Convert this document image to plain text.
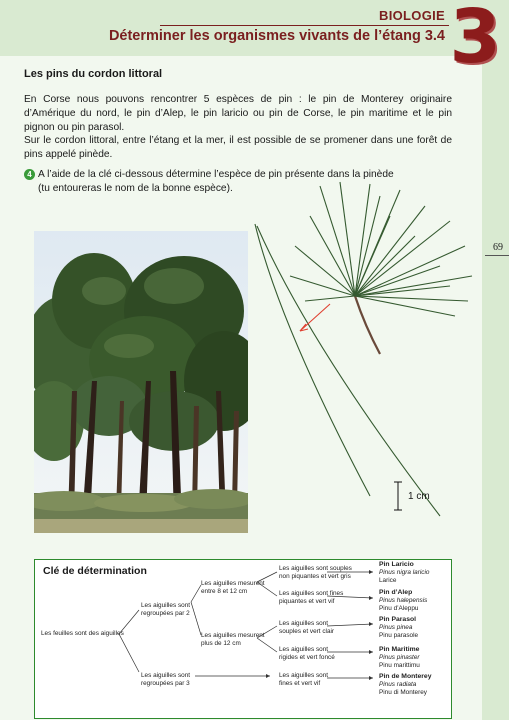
BIOLOGIE
Déterminer les organismes vivants de l’étang 3.4 3
69
Les pins du cordon littoral

En Corse nous pouvons rencontrer 5 espèces de pin : le pin de Monterey originaire d’Amérique du nord, le pin d’Alep, le pin laricio ou pin de Corse, le pin maritime et le pin pignon ou pin parasol.

Sur le cordon littoral, entre l’étang et la mer, il est possible de se promener dans une forêt de pins appelé pinède.

4 A l’aide de la clé ci-dessous détermine l’espèce de pin présente dans la pinède
(tu entoureras le nom de la bonne espèce).
1 cm
Clé de détermination
Les feuilles sont des aiguilles
Les aiguilles sont
regroupées par 2
Les aiguilles sont
regroupées par 3
Les aiguilles mesurent
entre 8 et 12 cm
Les aiguilles mesurent
plus de 12 cm
Les aiguilles sont souples
non piquantes et vert gris
Les aiguilles sont fines
piquantes et vert vif
Les aiguilles sont
souples et vert clair
Les aiguilles sont
rigides et vert foncé
Les aiguilles sont
fines et vert vif
Pin Laricio
Pinus nigra laricio
Larice
Pin d’Alep
Pinus halepensis
Pinu d’Aleppu
Pin Parasol
Pinus pinea
Pinu parasole
Pin Maritime
Pinus pinaster
Pinu marittimu
Pin de Monterey
Pinus radiata
Pinu di Monterey
